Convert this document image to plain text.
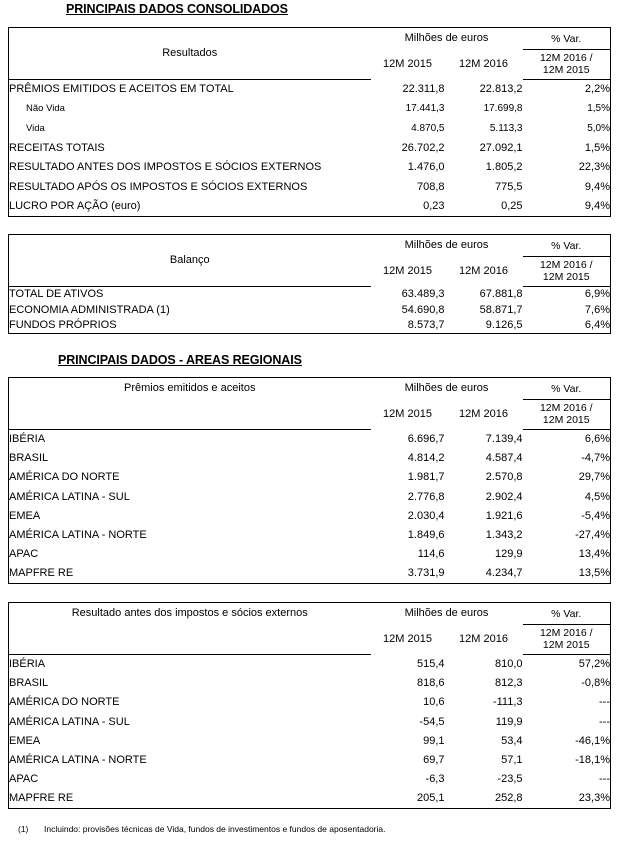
PRINCIPAIS DADOS CONSOLIDADOS
PRINCIPAIS DADOS - AREAS REGIONAIS
Resultados	Milhões de euros		% Var.
12M 2016 /
12M 2015

	12M 2015	12M 2016	
PRÊMIOS EMITIDOS E ACEITOS EM TOTAL	22.311,8	22.813,2	2,2%
Não Vida	17.441,3	17.699,8	1,5%
Vida	4.870,5	5.113,3	5,0%
RECEITAS TOTAIS	26.702,2	27.092,1	1,5%
RESULTADO ANTES DOS IMPOSTOS E SÓCIOS EXTERNOS	1.476,0	1.805,2	22,3%
RESULTADO APÓS OS IMPOSTOS E SÓCIOS EXTERNOS	708,8	775,5	9,4%
LUCRO POR AÇÃO (euro)	0,23	0,25	9,4%
Balanço	Milhões de euros		% Var.
12M 2016 /
12M 2015

	12M 2015	12M 2016	
TOTAL DE ATIVOS	63.489,3	67.881,8	6,9%
ECONOMIA ADMINISTRADA (1)	54.690,8	58.871,7	7,6%
FUNDOS PRÓPRIOS	8.573,7	9.126,5	6,4%
Prêmios emitidos e aceitos	Milhões de euros		% Var.
12M 2016 /
12M 2015

	12M 2015	12M 2016	
IBÉRIA	6.696,7	7.139,4	6,6%
BRASIL	4.814,2	4.587,4	-4,7%
AMÉRICA DO NORTE	1.981,7	2.570,8	29,7%
AMÉRICA LATINA - SUL	2.776,8	2.902,4	4,5%
EMEA	2.030,4	1.921,6	-5,4%
AMÉRICA LATINA - NORTE	1.849,6	1.343,2	-27,4%
APAC	114,6	129,9	13,4%
MAPFRE RE	3.731,9	4.234,7	13,5%
Resultado antes dos impostos e sócios externos	Milhões de euros		% Var.
12M 2016 /
12M 2015

	12M 2015	12M 2016	
IBÉRIA	515,4	810,0	57,2%
BRASIL	818,6	812,3	-0,8%
AMÉRICA DO NORTE	10,6	-111,3	---
AMÉRICA LATINA - SUL	-54,5	119,9	---
EMEA	99,1	53,4	-46,1%
AMÉRICA LATINA - NORTE	69,7	57,1	-18,1%
APAC	-6,3	-23,5	---
MAPFRE RE	205,1	252,8	23,3%
(1) Incluindo: provisões técnicas de Vida, fundos de investimentos e fundos de aposentadoria.
